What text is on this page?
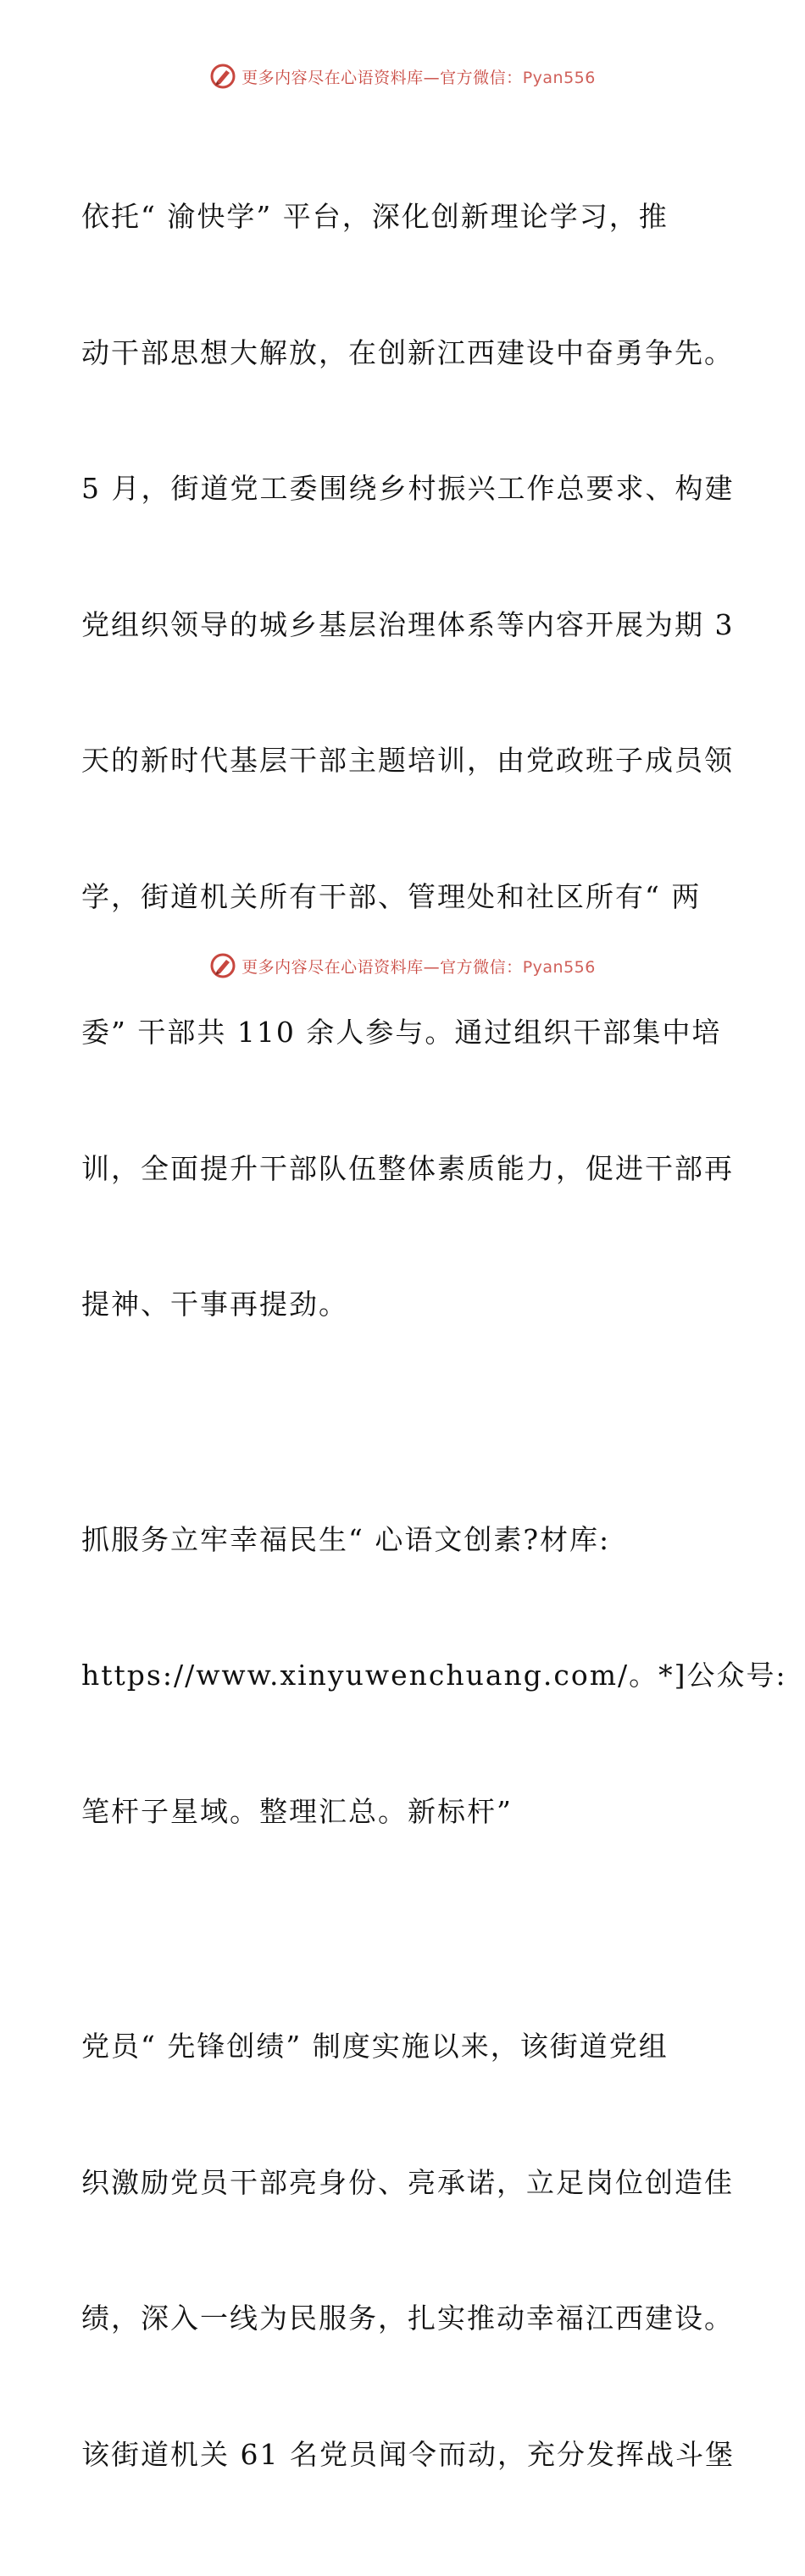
更多内容尽在心语资料库—官方微信：Pyan556

依托“ 渝快学” 平台，深化创新理论学习，推

动干部思想大解放，在创新江西建设中奋勇争先。

5 月，街道党工委围绕乡村振兴工作总要求、构建

党组织领导的城乡基层治理体系等内容开展为期 3

天的新时代基层干部主题培训，由党政班子成员领

学，街道机关所有干部、管理处和社区所有“ 两

委” 干部共 110 余人参与。通过组织干部集中培

训，全面提升干部队伍整体素质能力，促进干部再

提神、干事再提劲。

抓服务立牢幸福民生“ 心语文创素?材库:

https://www.xinyuwenchuang.com/。*]公众号:

笔杆子星域。整理汇总。新标杆”

党员“ 先锋创绩” 制度实施以来，该街道党组

织激励党员干部亮身份、亮承诺，立足岗位创造佳

绩，深入一线为民服务，扎实推动幸福江西建设。

该街道机关 61 名党员闻令而动，充分发挥战斗堡

更多内容尽在心语资料库—官方微信：Pyan556
